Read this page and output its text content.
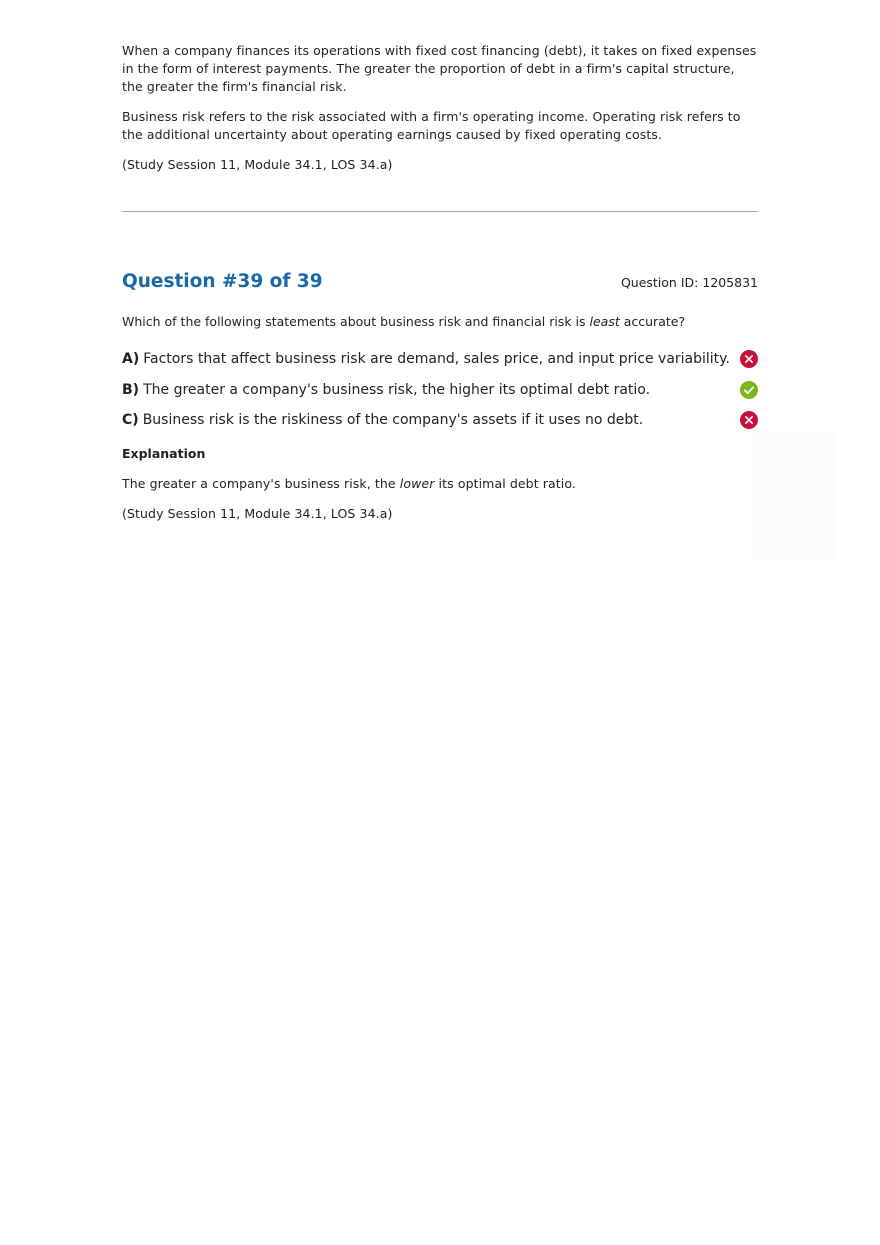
When a company finances its operations with fixed cost financing (debt), it takes on fixed expenses in the form of interest payments. The greater the proportion of debt in a firm's capital structure, the greater the firm's financial risk.

Business risk refers to the risk associated with a firm's operating income. Operating risk refers to the additional uncertainty about operating earnings caused by fixed operating costs.

(Study Session 11, Module 34.1, LOS 34.a)

Question #39 of 39	Question ID: 1205831

Which of the following statements about business risk and financial risk is least accurate?

A) Factors that affect business risk are demand, sales price, and input price variability.
B) The greater a company's business risk, the higher its optimal debt ratio.
C) Business risk is the riskiness of the company's assets if it uses no debt.
Explanation

The greater a company's business risk, the lower its optimal debt ratio.

(Study Session 11, Module 34.1, LOS 34.a)
